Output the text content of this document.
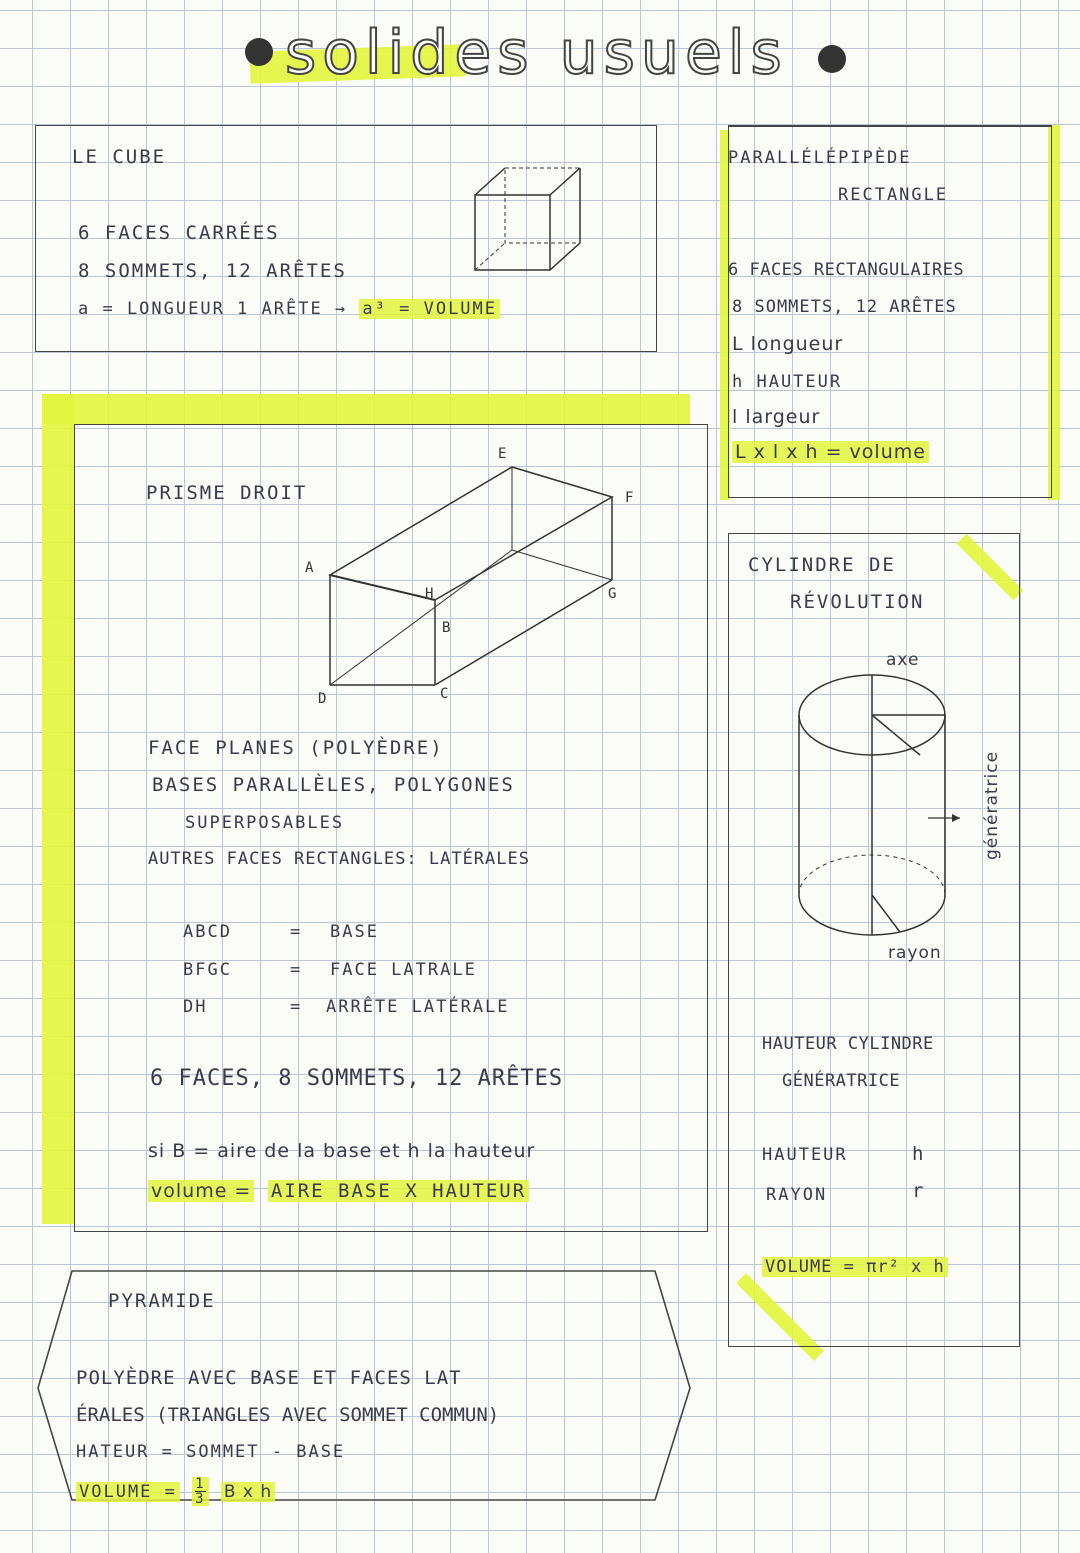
solides usuels
LE CUBE
6 FACES CARRÉES
8 SOMMETS, 12 ARÊTES
a = LONGUEUR 1 ARÊTE → a³ = VOLUME
PARALLÉLÉPIPÈDE
RECTANGLE
6 FACES RECTANGULAIRES
8 SOMMETS, 12 ARÊTES
L longueur
h HAUTEUR
l largeur
L x l x h = volume
PRISME DROIT
A
H
B
E
F
G
D	C
FACE PLANES (POLYÈDRE)
BASES PARALLÈLES, POLYGONES
SUPERPOSABLES
AUTRES FACES RECTANGLES: LATÉRALES
ABCD	= BASE
BFGC	= FACE LATRALE
DH	= ARRÊTE LATÉRALE
6 FACES, 8 SOMMETS, 12 ARÊTES
si B = aire de la base et h la hauteur
volume = AIRE BASE X HAUTEUR
CYLINDRE DE
RÉVOLUTION
axe
génératrice
rayon
HAUTEUR CYLINDRE
GÉNÉRATRICE
HAUTEUR	h
RAYON	r
VOLUME = πr² x h
PYRAMIDE
POLYÈDRE AVEC BASE ET FACES LAT
ÉRALES (TRIANGLES AVEC SOMMET COMMUN)
HATEUR = SOMMET - BASE
VOLUME = $\frac{1}{3}$ B x h
